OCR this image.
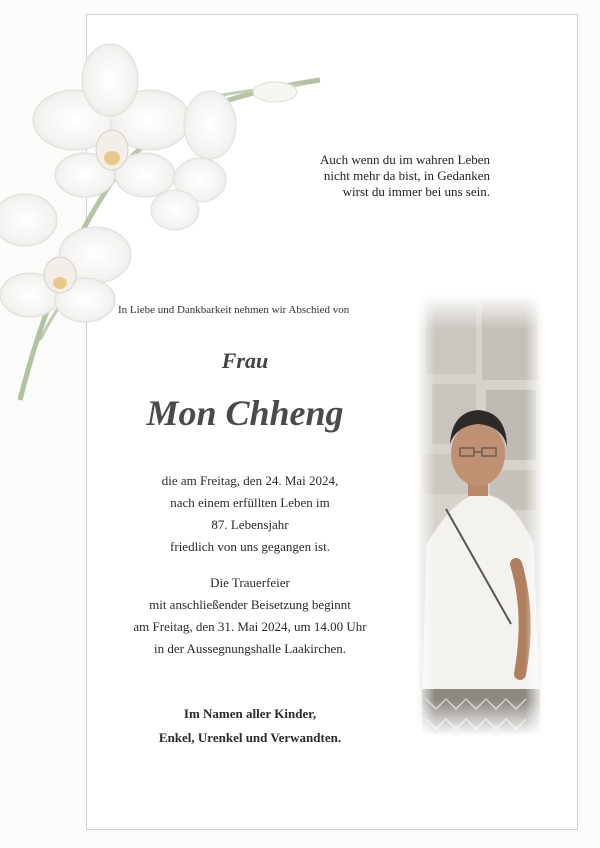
Auch wenn du im wahren Leben
nicht mehr da bist, in Gedanken
wirst du immer bei uns sein.
In Liebe und Dankbarkeit nehmen wir Abschied von
Frau
Mon Chheng
die am Freitag, den 24. Mai 2024,
nach einem erfüllten Leben im
87. Lebensjahr
friedlich von uns gegangen ist.
Die Trauerfeier
mit anschließender Beisetzung beginnt
am Freitag, den 31. Mai 2024, um 14.00 Uhr
in der Aussegnungshalle Laakirchen.
Im Namen aller Kinder,
Enkel, Urenkel und Verwandten.
